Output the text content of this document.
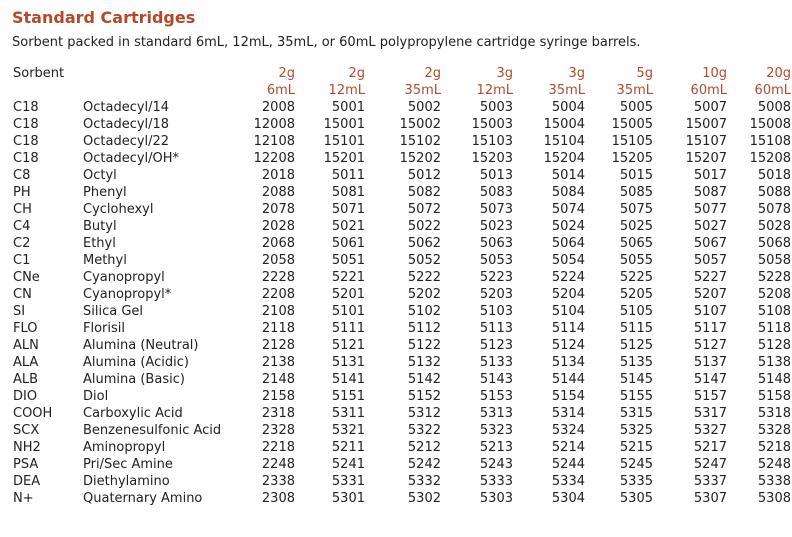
Standard Cartridges
Sorbent packed in standard 6mL, 12mL, 35mL, or 60mL polypropylene cartridge syringe barrels.
Sorbent		2g	2g	2g	3g	3g	5g	10g	20g
		6mL	12mL	35mL	12mL	35mL	35mL	60mL	60mL
C18	Octadecyl/14	2008	5001	5002	5003	5004	5005	5007	5008
C18	Octadecyl/18	12008	15001	15002	15003	15004	15005	15007	15008
C18	Octadecyl/22	12108	15101	15102	15103	15104	15105	15107	15108
C18	Octadecyl/OH*	12208	15201	15202	15203	15204	15205	15207	15208
C8	Octyl	2018	5011	5012	5013	5014	5015	5017	5018
PH	Phenyl	2088	5081	5082	5083	5084	5085	5087	5088
CH	Cyclohexyl	2078	5071	5072	5073	5074	5075	5077	5078
C4	Butyl	2028	5021	5022	5023	5024	5025	5027	5028
C2	Ethyl	2068	5061	5062	5063	5064	5065	5067	5068
C1	Methyl	2058	5051	5052	5053	5054	5055	5057	5058
CNe	Cyanopropyl	2228	5221	5222	5223	5224	5225	5227	5228
CN	Cyanopropyl*	2208	5201	5202	5203	5204	5205	5207	5208
SI	Silica Gel	2108	5101	5102	5103	5104	5105	5107	5108
FLO	Florisil	2118	5111	5112	5113	5114	5115	5117	5118
ALN	Alumina (Neutral)	2128	5121	5122	5123	5124	5125	5127	5128
ALA	Alumina (Acidic)	2138	5131	5132	5133	5134	5135	5137	5138
ALB	Alumina (Basic)	2148	5141	5142	5143	5144	5145	5147	5148
DIO	Diol	2158	5151	5152	5153	5154	5155	5157	5158
COOH	Carboxylic Acid	2318	5311	5312	5313	5314	5315	5317	5318
SCX	Benzenesulfonic Acid	2328	5321	5322	5323	5324	5325	5327	5328
NH2	Aminopropyl	2218	5211	5212	5213	5214	5215	5217	5218
PSA	Pri/Sec Amine	2248	5241	5242	5243	5244	5245	5247	5248
DEA	Diethylamino	2338	5331	5332	5333	5334	5335	5337	5338
N+	Quaternary Amino	2308	5301	5302	5303	5304	5305	5307	5308
